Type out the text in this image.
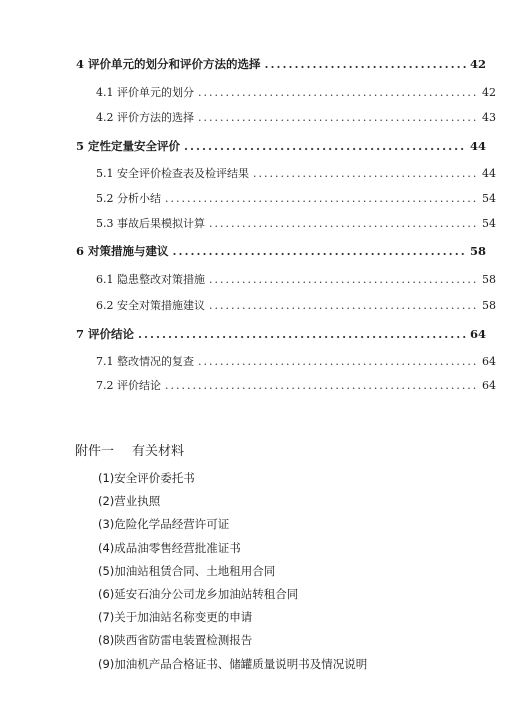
4 评价单元的划分和评价方法的选择 .....	42
4.1 评价单元的划分 .....	42
4.2 评价方法的选择 .....	43
5 定性定量安全评价 .....	44
5.1 安全评价检查表及检评结果 .....	44
5.2 分析小结 .....	54
5.3 事故后果模拟计算 .....	54
6 对策措施与建议 .....	58
6.1 隐患整改对策措施 .....	58
6.2 安全对策措施建议 .....	58
7 评价结论 .....	64
7.1 整改情况的复查 .....	64
7.2 评价结论 .....	64
附件一 有关材料
(1)安全评价委托书
(2)营业执照
(3)危险化学品经营许可证
(4)成品油零售经营批准证书
(5)加油站租赁合同、土地租用合同
(6)延安石油分公司龙乡加油站转租合同
(7)关于加油站名称变更的申请
(8)陕西省防雷电装置检测报告
(9)加油机产品合格证书、储罐质量说明书及情况说明
